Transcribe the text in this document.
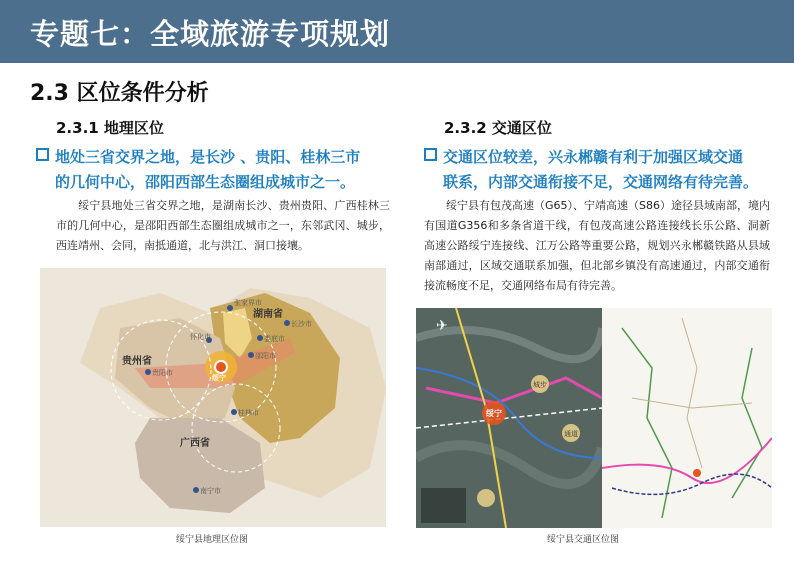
专题七：全域旅游专项规划
2.3 区位条件分析
2.3.1 地理区位
地处三省交界之地，是长沙 、贵阳、桂林三市
的几何中心，邵阳西部生态圈组成城市之一。
绥宁县地处三省交界之地，是湖南长沙、贵州贵阳、广西桂林三市的几何中心，是邵阳西部生态圈组成城市之一，东邻武冈、城步，西连靖州、会同，南抵通道，北与洪江、洞口接壤。
湖南省
贵州省
广西省
张家界市
长沙市
贵阳市
桂林市
南宁市
怀化市
邵阳市
娄底市
绥宁
绥宁县地理区位图
2.3.2 交通区位
交通区位较差，兴永郴赣有利于加强区域交通
联系，内部交通衔接不足，交通网络有待完善。
绥宁县有包茂高速（G65）、宁靖高速（S86）途径县域南部，境内有国道G356和多条省道干线，有包茂高速公路连接线长乐公路、洞新高速公路绥宁连接线、江万公路等重要公路，规划兴永郴赣铁路从县域南部通过，区域交通联系加强，但北部乡镇没有高速通过，内部交通衔接流畅度不足，交通网络布局有待完善。
绥宁
城步
通道
✈
绥宁县交通区位图
